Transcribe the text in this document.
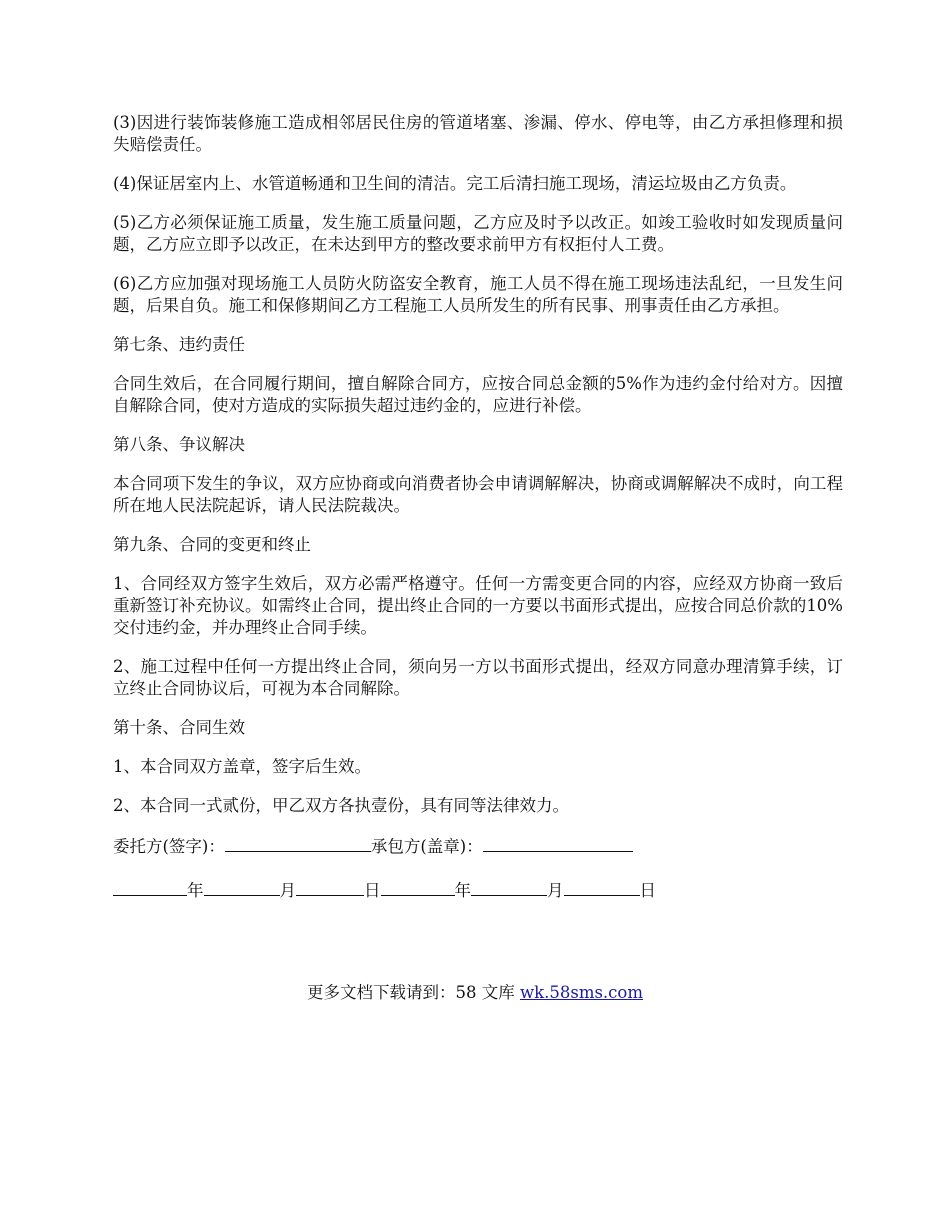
(3)因进行装饰装修施工造成相邻居民住房的管道堵塞、渗漏、停水、停电等，由乙方承担修理和损失赔偿责任。

(4)保证居室内上、水管道畅通和卫生间的清洁。完工后清扫施工现场，清运垃圾由乙方负责。

(5)乙方必须保证施工质量，发生施工质量问题，乙方应及时予以改正。如竣工验收时如发现质量问题，乙方应立即予以改正，在未达到甲方的整改要求前甲方有权拒付人工费。

(6)乙方应加强对现场施工人员防火防盗安全教育，施工人员不得在施工现场违法乱纪，一旦发生问题，后果自负。施工和保修期间乙方工程施工人员所发生的所有民事、刑事责任由乙方承担。

第七条、违约责任

合同生效后，在合同履行期间，擅自解除合同方，应按合同总金额的5%作为违约金付给对方。因擅自解除合同，使对方造成的实际损失超过违约金的，应进行补偿。

第八条、争议解决

本合同项下发生的争议，双方应协商或向消费者协会申请调解解决，协商或调解解决不成时，向工程所在地人民法院起诉，请人民法院裁决。

第九条、合同的变更和终止

1、合同经双方签字生效后，双方必需严格遵守。任何一方需变更合同的内容，应经双方协商一致后重新签订补充协议。如需终止合同，提出终止合同的一方要以书面形式提出，应按合同总价款的10%交付违约金，并办理终止合同手续。

2、施工过程中任何一方提出终止合同，须向另一方以书面形式提出，经双方同意办理清算手续，订立终止合同协议后，可视为本合同解除。

第十条、合同生效

1、本合同双方盖章，签字后生效。

2、本合同一式贰份，甲乙双方各执壹份，具有同等法律效力。

委托方(签字)：	承包方(盖章)：
年	月	日	年	月	日
更多文档下载请到：58 文库 wk.58sms.com
